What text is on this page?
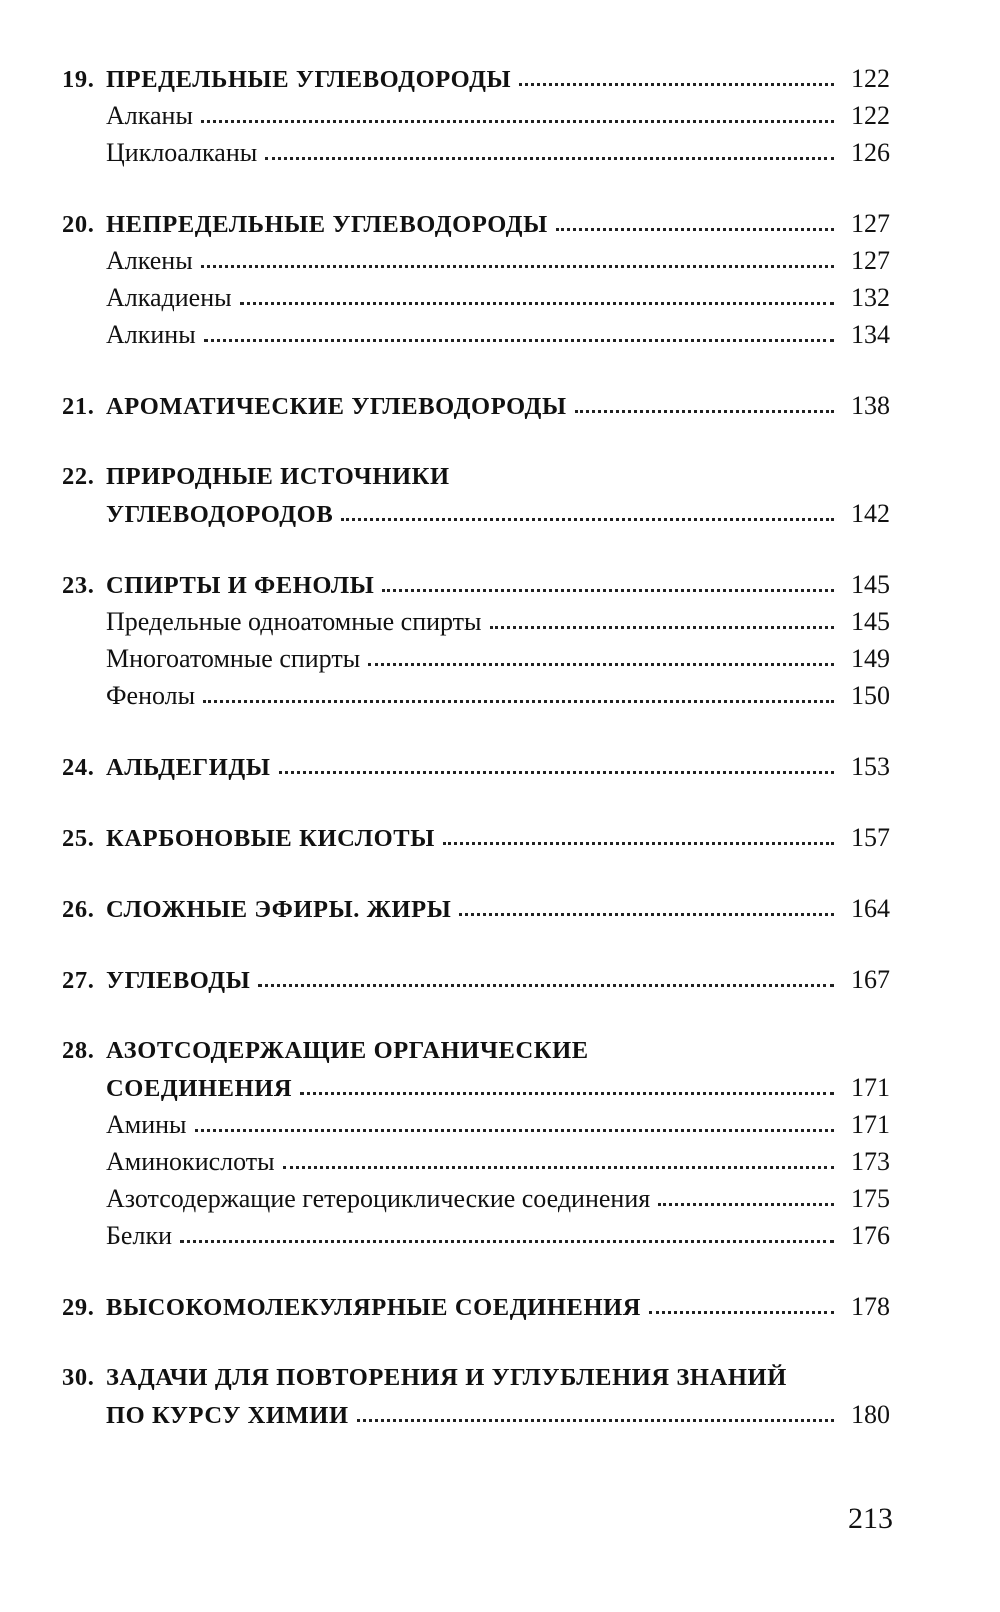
19. ПРЕДЕЛЬНЫЕ УГЛЕВОДОРОДЫ	122
Алканы	122
Циклоалканы	126
20. НЕПРЕДЕЛЬНЫЕ УГЛЕВОДОРОДЫ	127
Алкены	127
Алкадиены	132
Алкины	134
21. АРОМАТИЧЕСКИЕ УГЛЕВОДОРОДЫ	138
22. ПРИРОДНЫЕ ИСТОЧНИКИ
УГЛЕВОДОРОДОВ	142
23. СПИРТЫ И ФЕНОЛЫ	145
Предельные одноатомные спирты	145
Многоатомные спирты	149
Фенолы	150
24. АЛЬДЕГИДЫ	153
25. КАРБОНОВЫЕ КИСЛОТЫ	157
26. СЛОЖНЫЕ ЭФИРЫ. ЖИРЫ	164
27. УГЛЕВОДЫ	167
28. АЗОТСОДЕРЖАЩИЕ ОРГАНИЧЕСКИЕ
СОЕДИНЕНИЯ	171
Амины	171
Аминокислоты	173
Азотсодержащие гетероциклические соединения	175
Белки	176
29. ВЫСОКОМОЛЕКУЛЯРНЫЕ СОЕДИНЕНИЯ	178
30. ЗАДАЧИ ДЛЯ ПОВТОРЕНИЯ И УГЛУБЛЕНИЯ ЗНАНИЙ
ПО КУРСУ ХИМИИ	180
213
